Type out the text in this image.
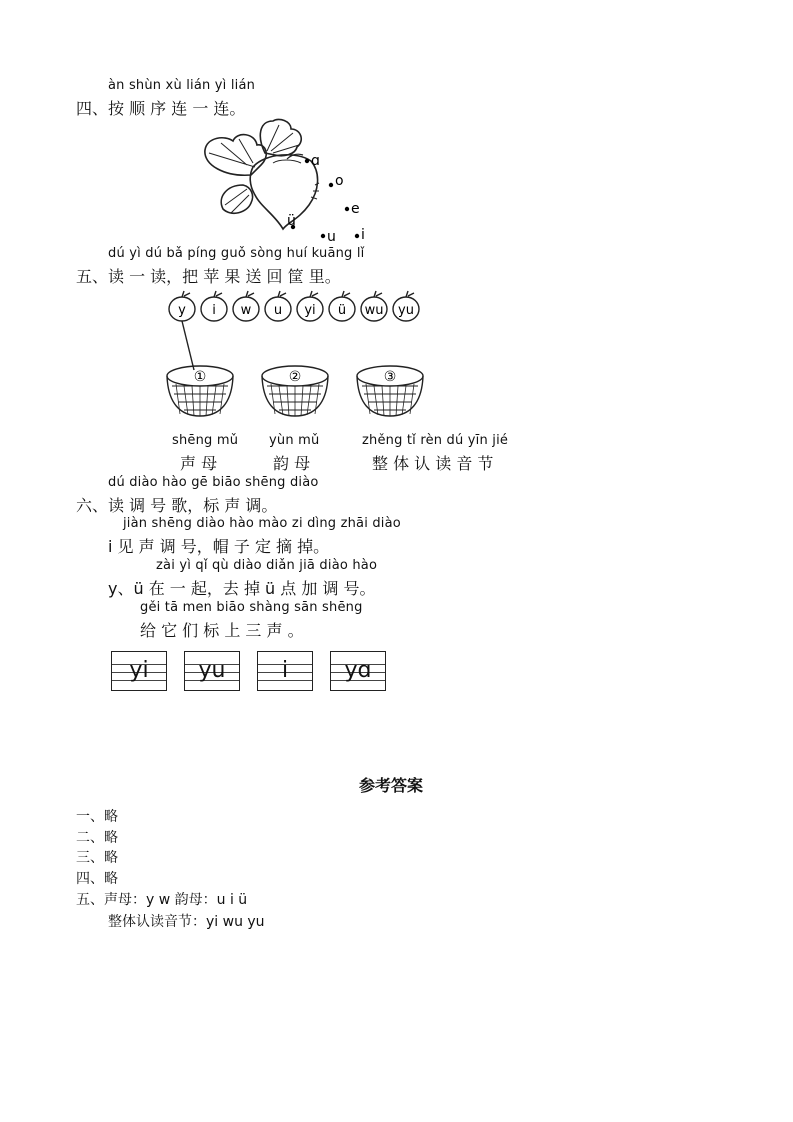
àn shùn xù lián yì lián
四、按 顺 序 连 一 连。
ɑ
o
e
ü
u i
dú yì dú bǎ píng guǒ sòng huí kuāng lǐ
五、读 一 读，把 苹 果 送 回 筐 里。
y i w u yi ü wu yu
①	②	③
shēng mǔ
声 母
yùn mǔ
韵 母
zhěng tǐ rèn dú yīn jié
整 体 认 读 音 节
dú diào hào gē biāo shēng diào
六、读 调 号 歌，标 声 调。
jiàn shēng diào hào mào zi dìng zhāi diào
i 见 声 调 号，帽 子 定 摘 掉。
zài yì qǐ qù diào diǎn jiā diào hào
y、ü 在 一 起，去 掉 ü 点 加 调 号。
gěi tā men biāo shàng sān shēng
给 它 们 标 上 三 声 。
yi	yu	i	yɑ
参考答案
一、略
二、略
三、略
四、略
五、声母：y w 韵母：u i ü
整体认读音节：yi wu yu
